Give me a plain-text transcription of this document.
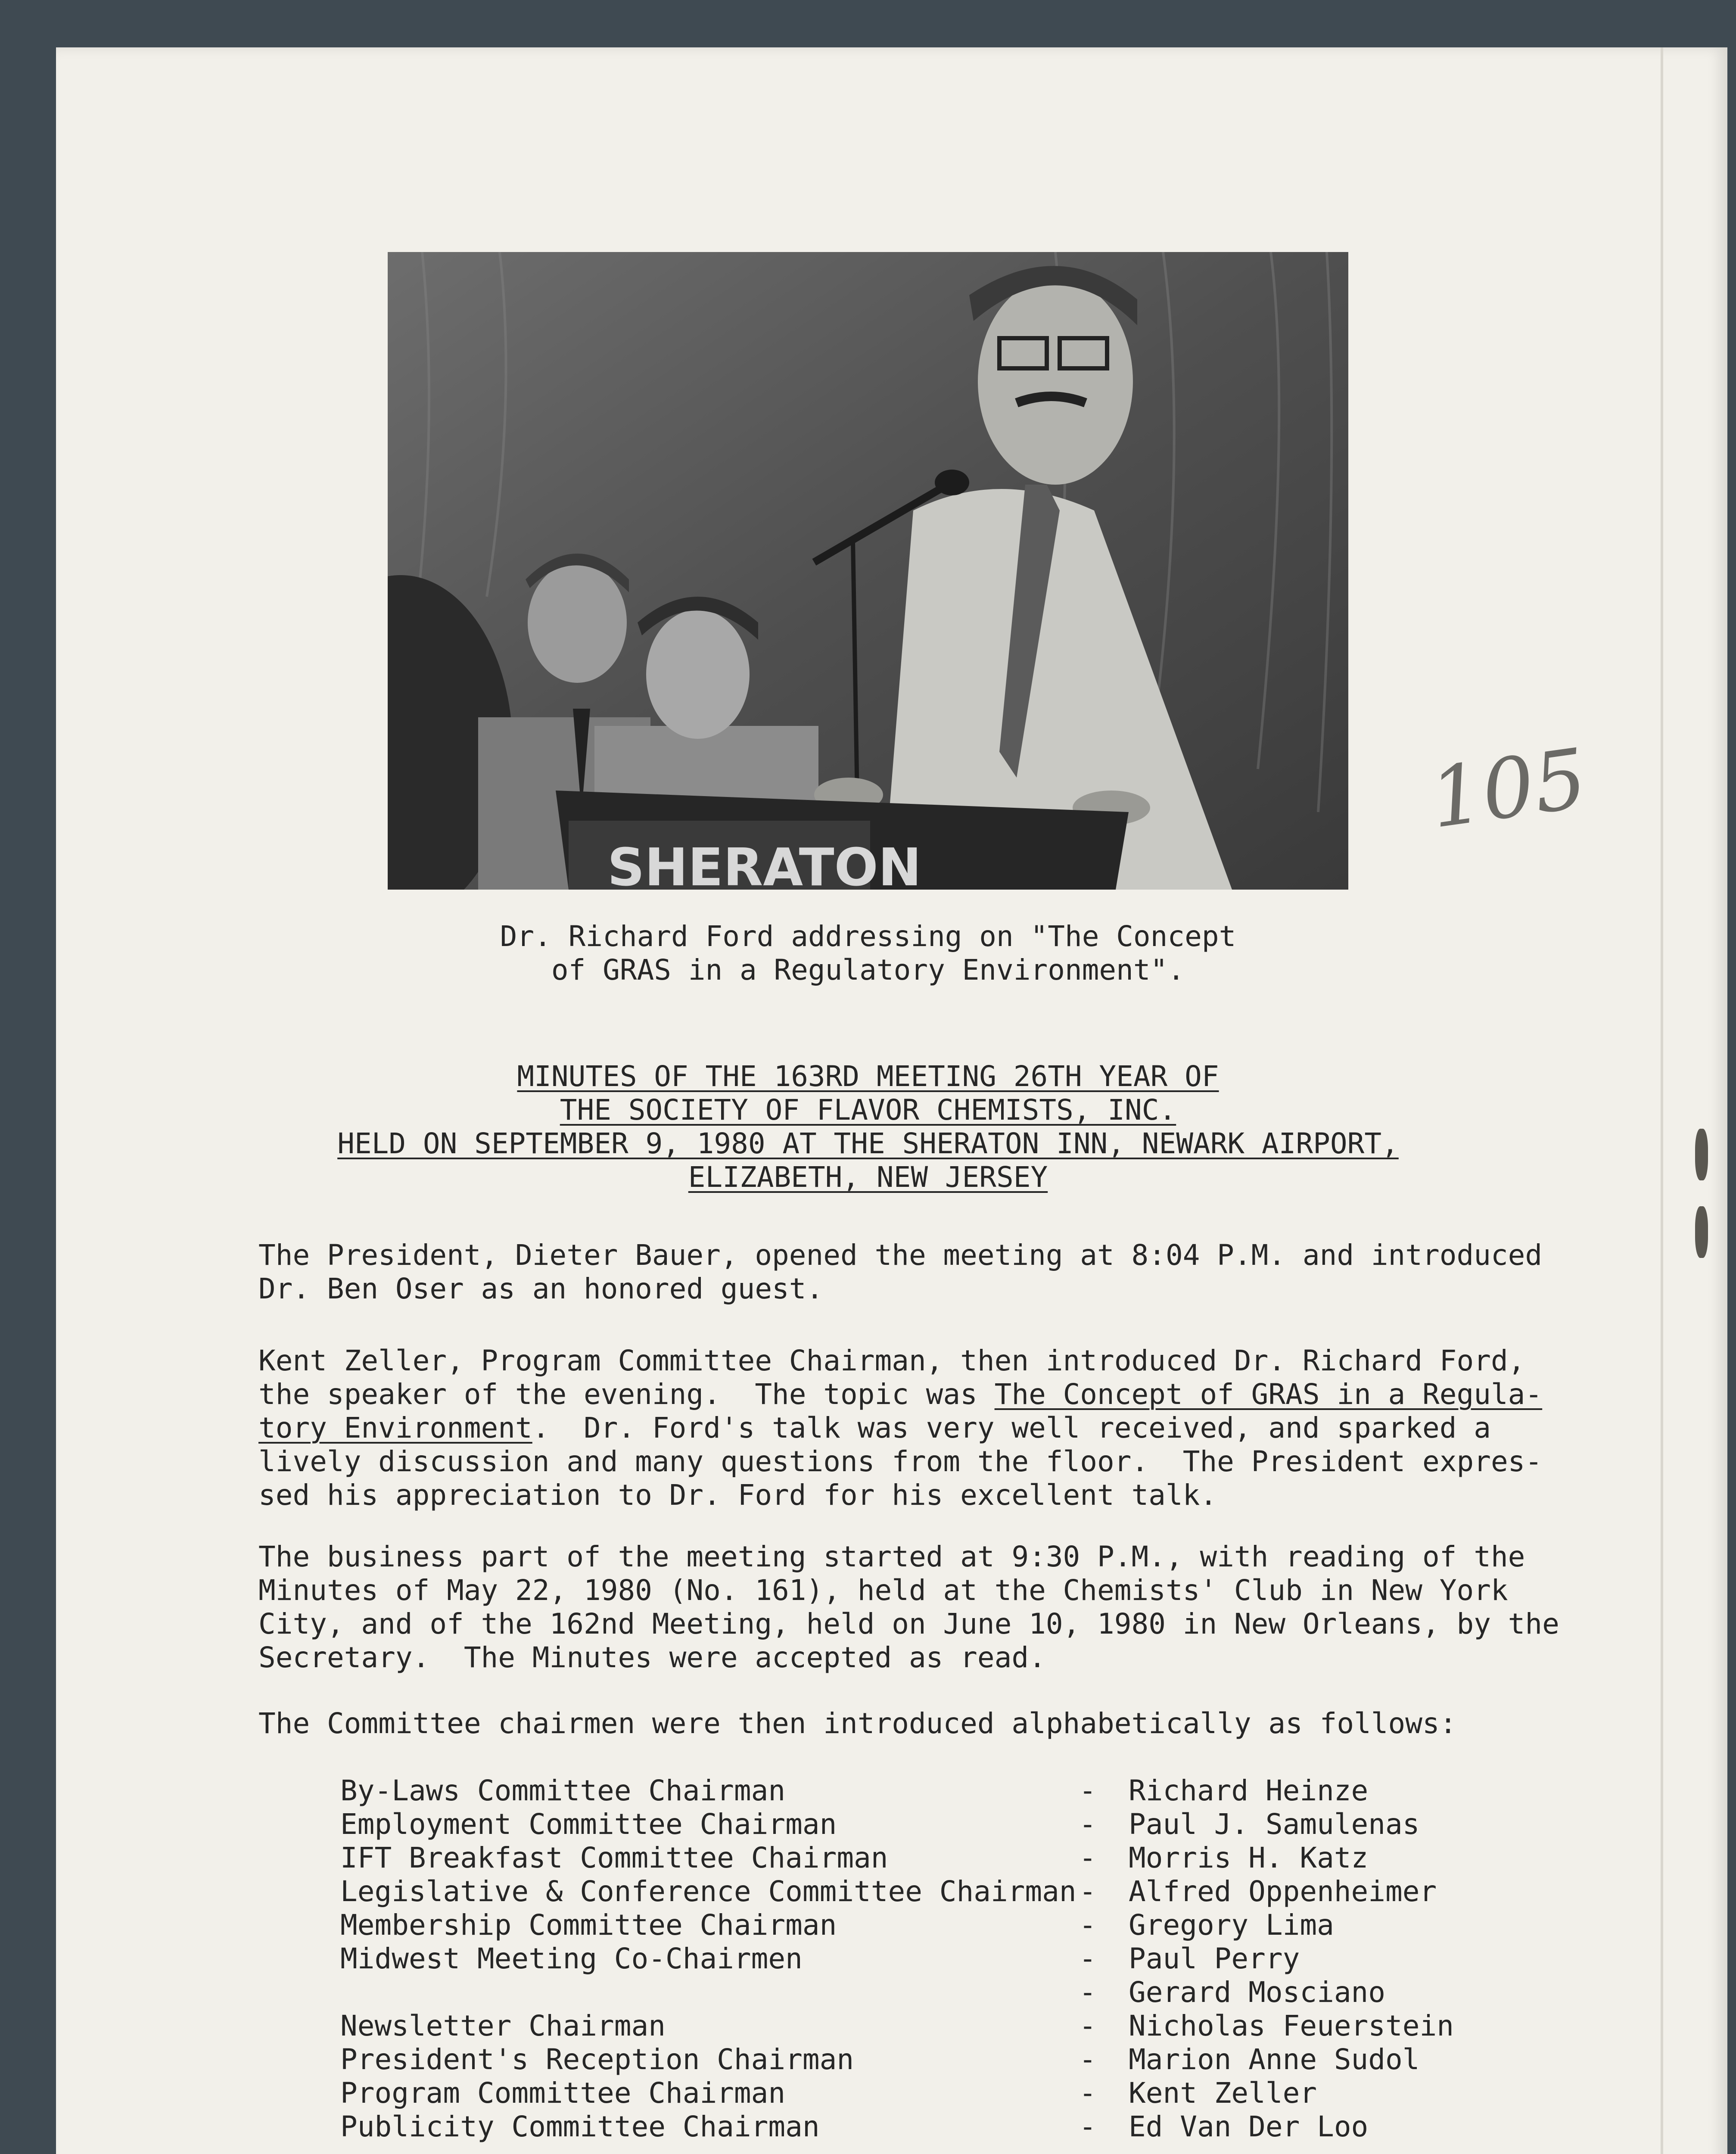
SHERATON
105
Dr. Richard Ford addressing on "The Concept
of GRAS in a Regulatory Environment".
MINUTES OF THE 163RD MEETING 26TH YEAR OF
THE SOCIETY OF FLAVOR CHEMISTS, INC.
HELD ON SEPTEMBER 9, 1980 AT THE SHERATON INN, NEWARK AIRPORT,
ELIZABETH, NEW JERSEY
The President, Dieter Bauer, opened the meeting at 8:04 P.M. and introduced
Dr. Ben Oser as an honored guest.
Kent Zeller, Program Committee Chairman, then introduced Dr. Richard Ford,
the speaker of the evening.  The topic was The Concept of GRAS in a Regula-
tory Environment.  Dr. Ford's talk was very well received, and sparked a
lively discussion and many questions from the floor.  The President expres-
sed his appreciation to Dr. Ford for his excellent talk.
The business part of the meeting started at 9:30 P.M., with reading of the
Minutes of May 22, 1980 (No. 161), held at the Chemists' Club in New York
City, and of the 162nd Meeting, held on June 10, 1980 in New Orleans, by the
Secretary.  The Minutes were accepted as read.
The Committee chairmen were then introduced alphabetically as follows:
By-Laws Committee Chairman	- Richard Heinze
Employment Committee Chairman	- Paul J. Samulenas
IFT Breakfast Committee Chairman	- Morris H. Katz
Legislative & Conference Committee Chairman - Alfred Oppenheimer
Membership Committee Chairman	- Gregory Lima
Midwest Meeting Co-Chairmen	- Paul Perry
- Gerard Mosciano
Newsletter Chairman	- Nicholas Feuerstein
President's Reception Chairman	- Marion Anne Sudol
Program Committee Chairman	- Kent Zeller
Publicity Committee Chairman	- Ed Van Der Loo
